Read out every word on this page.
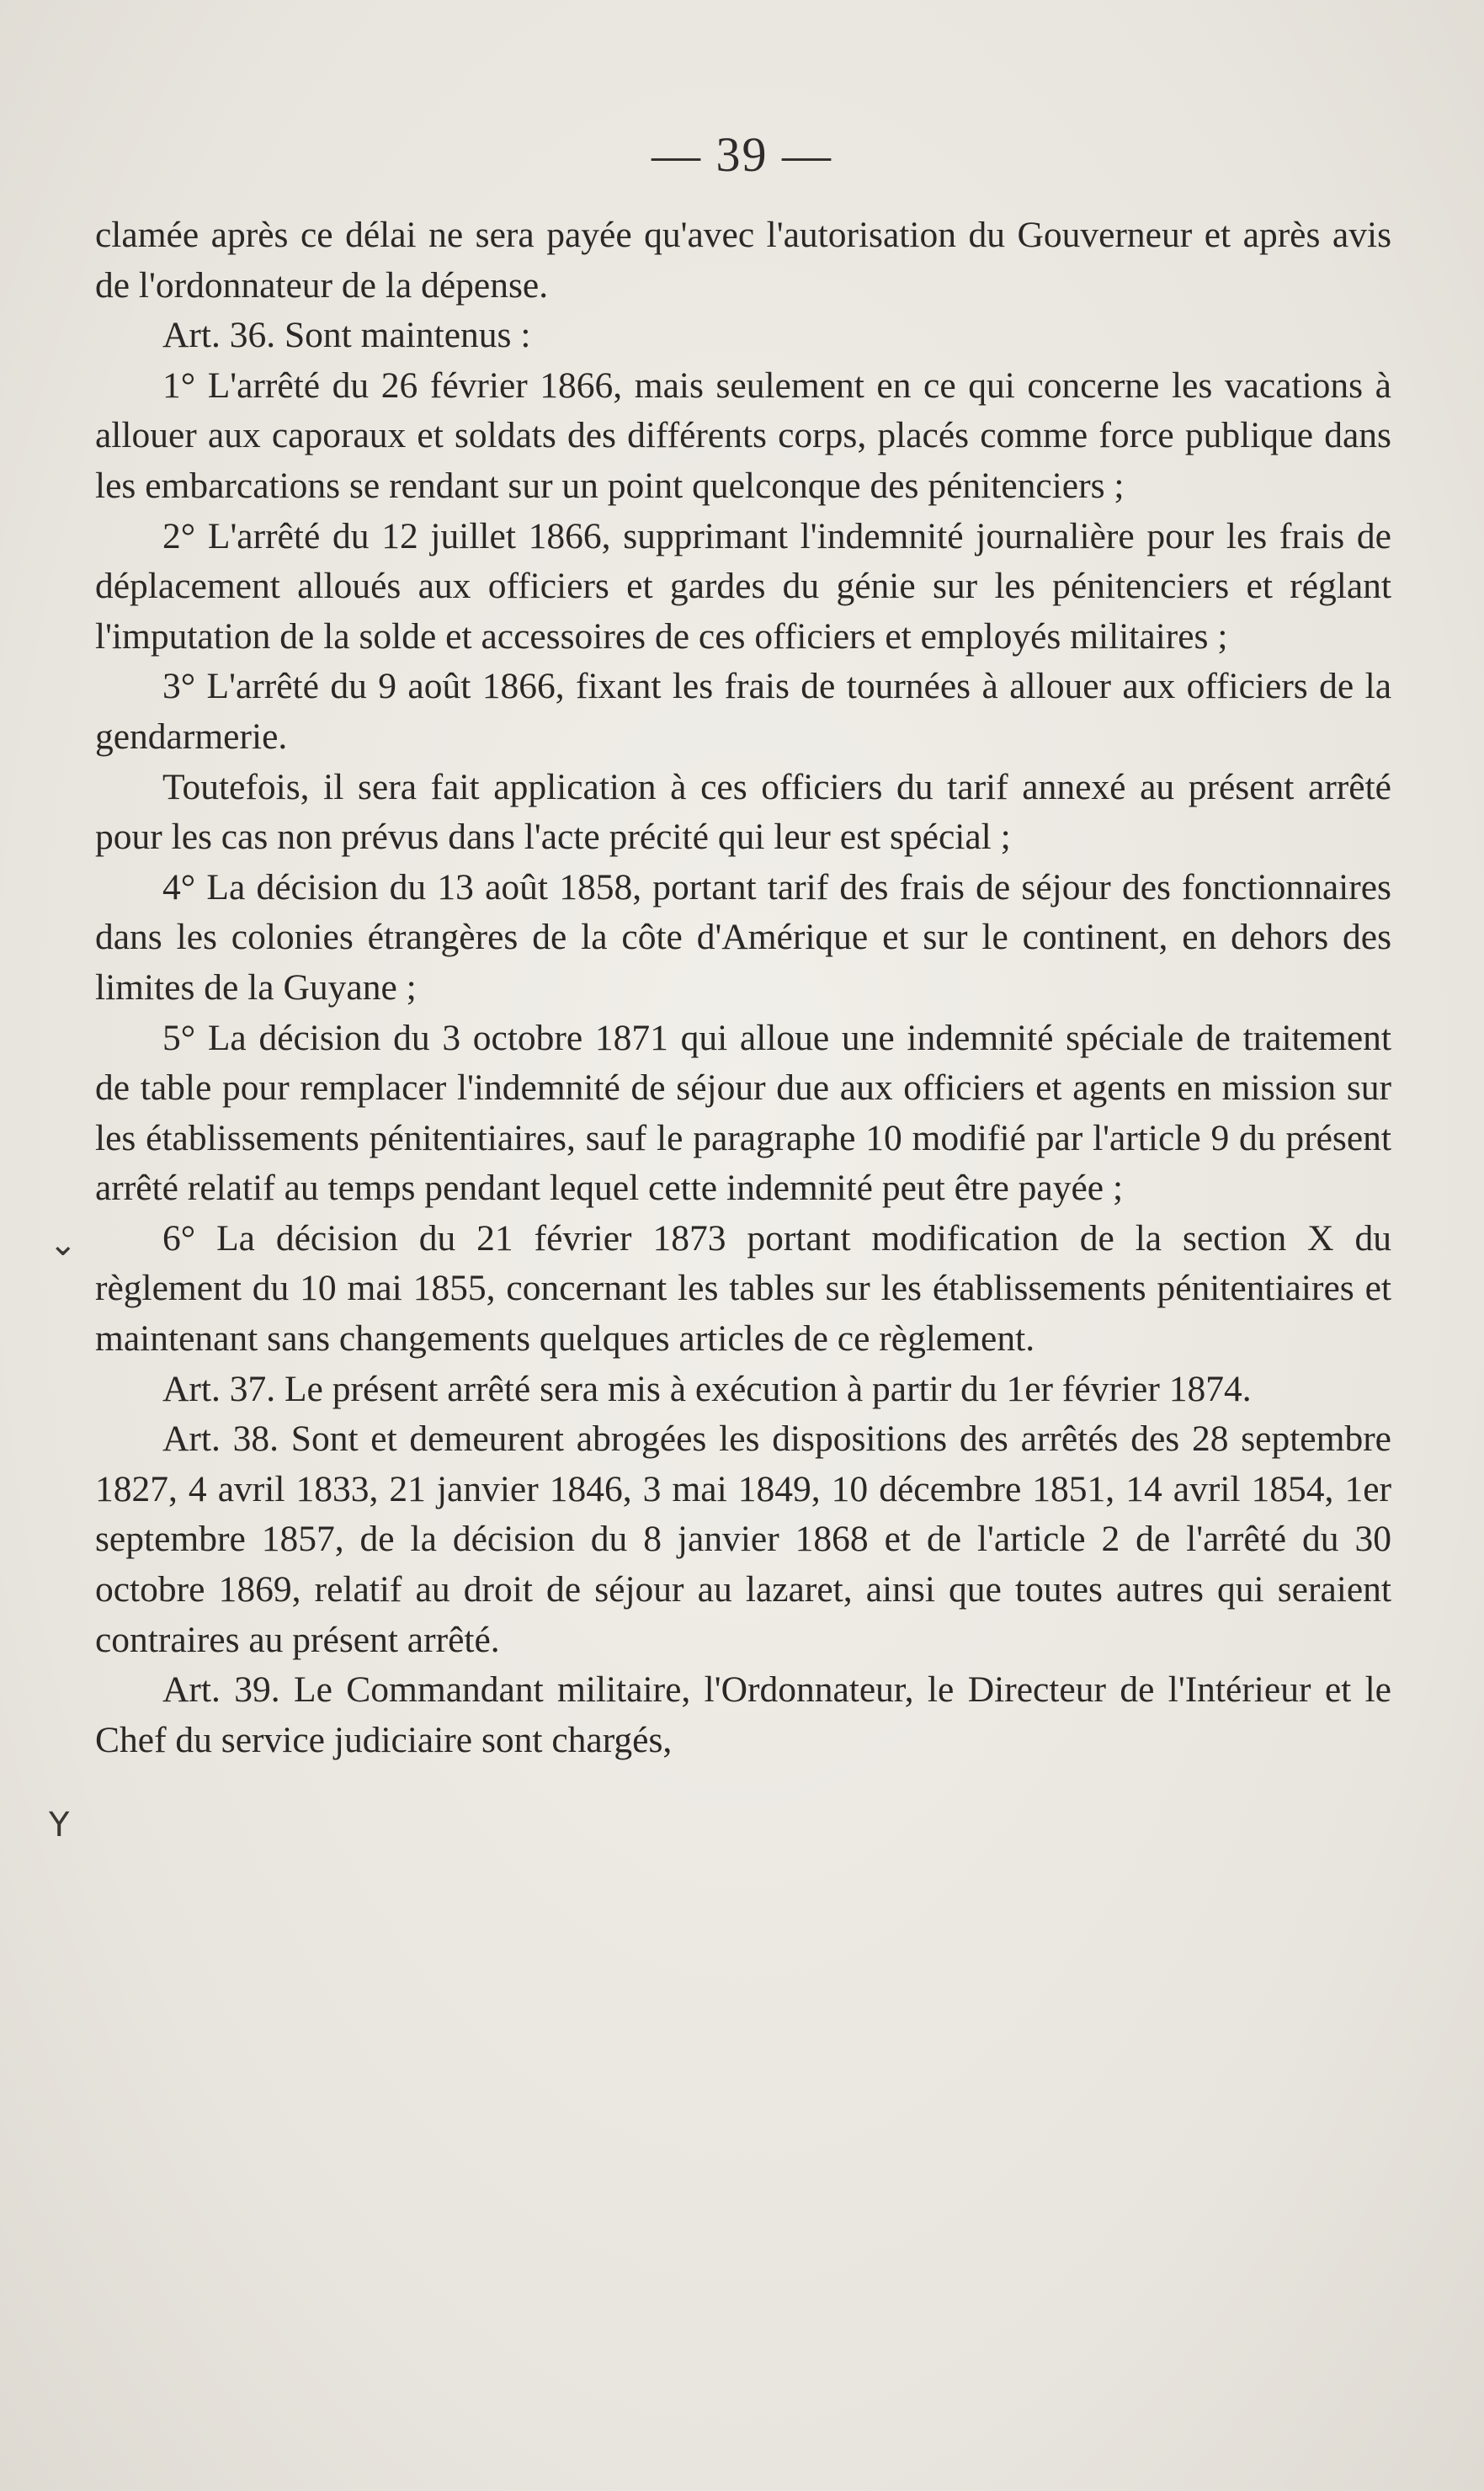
— 39 —
⌄
Y

clamée après ce délai ne sera payée qu'avec l'autorisation du Gouverneur et après avis de l'ordonnateur de la dépense.

Art. 36. Sont maintenus :

1° L'arrêté du 26 février 1866, mais seulement en ce qui concerne les vacations à allouer aux caporaux et soldats des différents corps, placés comme force publique dans les embarcations se rendant sur un point quelconque des pénitenciers ;

2° L'arrêté du 12 juillet 1866, supprimant l'indemnité journalière pour les frais de déplacement alloués aux officiers et gardes du génie sur les pénitenciers et réglant l'imputation de la solde et accessoires de ces officiers et employés militaires ;

3° L'arrêté du 9 août 1866, fixant les frais de tournées à allouer aux officiers de la gendarmerie.

Toutefois, il sera fait application à ces officiers du tarif annexé au présent arrêté pour les cas non prévus dans l'acte précité qui leur est spécial ;

4° La décision du 13 août 1858, portant tarif des frais de séjour des fonctionnaires dans les colonies étrangères de la côte d'Amérique et sur le continent, en dehors des limites de la Guyane ;

5° La décision du 3 octobre 1871 qui alloue une indemnité spéciale de traitement de table pour remplacer l'indemnité de séjour due aux officiers et agents en mission sur les établissements pénitentiaires, sauf le paragraphe 10 modifié par l'article 9 du présent arrêté relatif au temps pendant lequel cette indemnité peut être payée ;

6° La décision du 21 février 1873 portant modification de la section X du règlement du 10 mai 1855, concernant les tables sur les établissements pénitentiaires et maintenant sans changements quelques articles de ce règlement.

Art. 37. Le présent arrêté sera mis à exécution à partir du 1er février 1874.

Art. 38. Sont et demeurent abrogées les dispositions des arrêtés des 28 septembre 1827, 4 avril 1833, 21 janvier 1846, 3 mai 1849, 10 décembre 1851, 14 avril 1854, 1er septembre 1857, de la décision du 8 janvier 1868 et de l'article 2 de l'arrêté du 30 octobre 1869, relatif au droit de séjour au lazaret, ainsi que toutes autres qui seraient contraires au présent arrêté.

Art. 39. Le Commandant militaire, l'Ordonnateur, le Directeur de l'Intérieur et le Chef du service judiciaire sont chargés,
